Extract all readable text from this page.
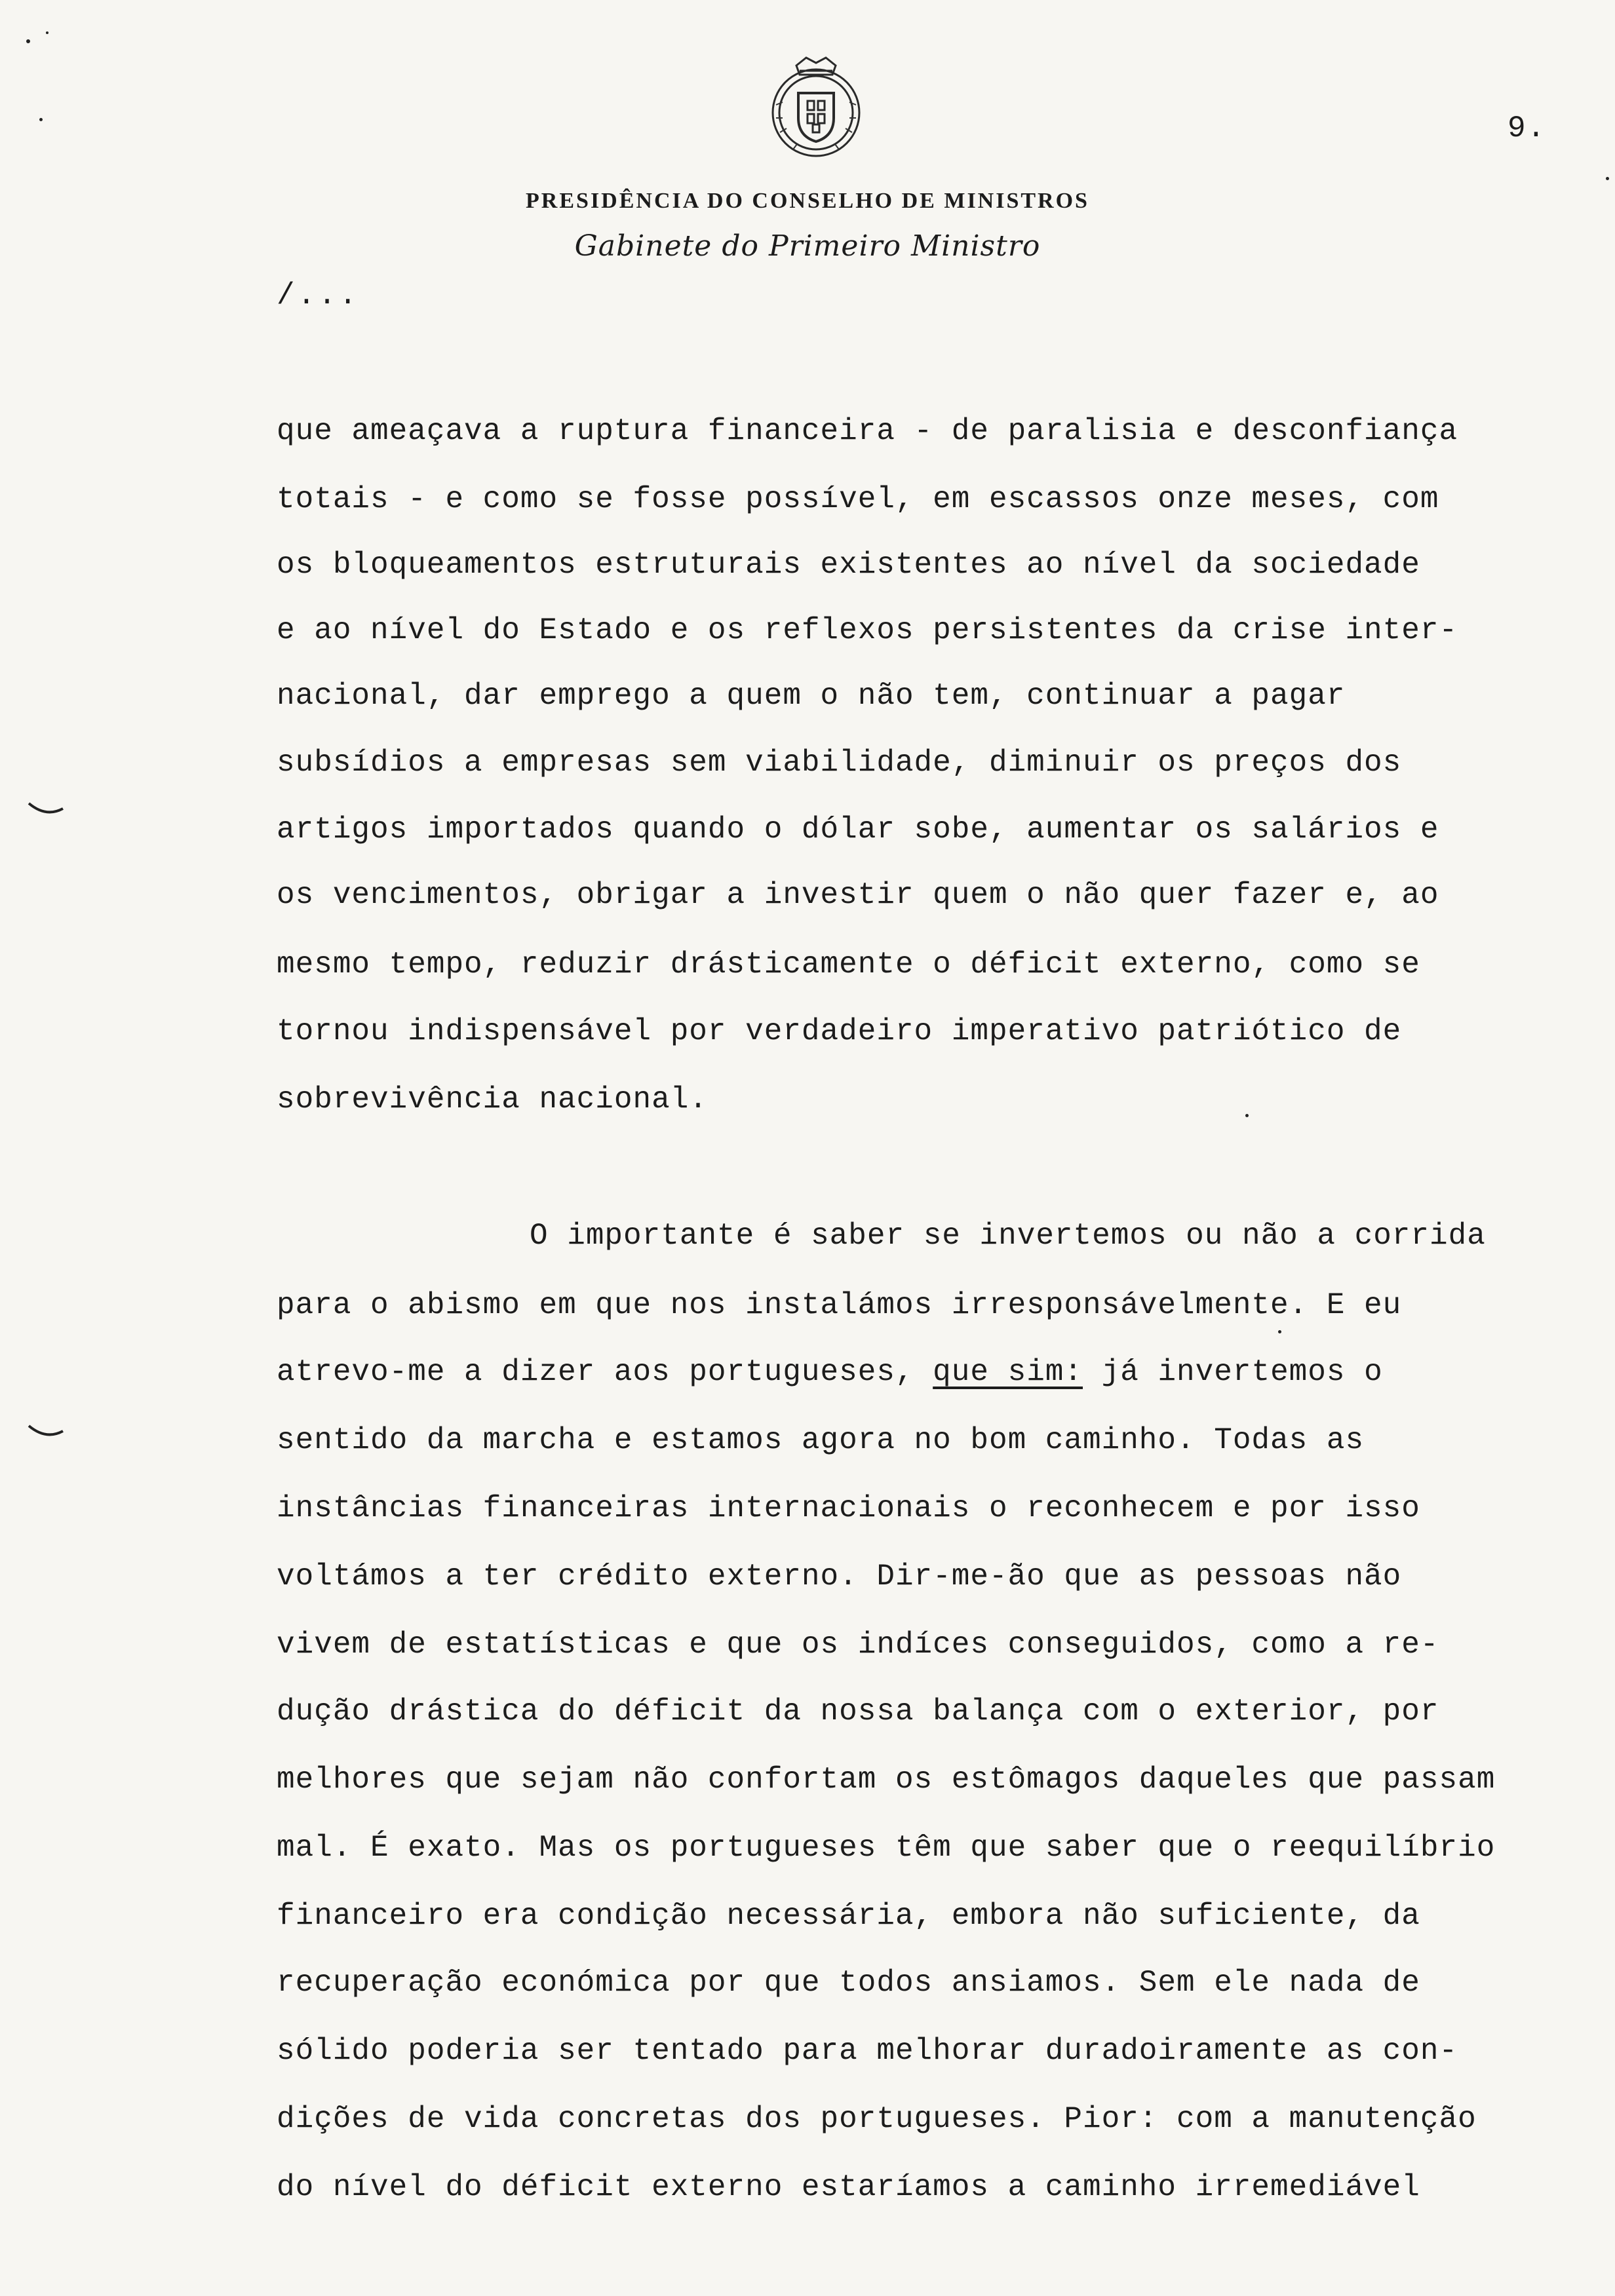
9.
PRESIDÊNCIA DO CONSELHO DE MINISTROS
Gabinete do Primeiro Ministro
/...
que ameaçava a ruptura financeira - de paralisia e desconfiança
totais - e como se fosse possível, em escassos onze meses, com
os bloqueamentos estruturais existentes ao nível da sociedade
e ao nível do Estado e os reflexos persistentes da crise inter-
nacional, dar emprego a quem o não tem, continuar a pagar
subsídios a empresas sem viabilidade, diminuir os preços dos
artigos importados quando o dólar sobe, aumentar os salários e
os vencimentos, obrigar a investir quem o não quer fazer e, ao
mesmo tempo, reduzir drásticamente o déficit externo, como se
tornou indispensável por verdadeiro imperativo patriótico de
sobrevivência nacional.
O importante é saber se invertemos ou não a corrida
para o abismo em que nos instalámos irresponsávelmente. E eu
atrevo-me a dizer aos portugueses, que sim: já invertemos o
sentido da marcha e estamos agora no bom caminho. Todas as
instâncias financeiras internacionais o reconhecem e por isso
voltámos a ter crédito externo. Dir-me-ão que as pessoas não
vivem de estatísticas e que os indíces conseguidos, como a re-
dução drástica do déficit da nossa balança com o exterior, por
melhores que sejam não confortam os estômagos daqueles que passam
mal. É exato. Mas os portugueses têm que saber que o reequilíbrio
financeiro era condição necessária, embora não suficiente, da
recuperação económica por que todos ansiamos. Sem ele nada de
sólido poderia ser tentado para melhorar duradoiramente as con-
dições de vida concretas dos portugueses. Pior: com a manutenção
do nível do déficit externo estaríamos a caminho irremediável
